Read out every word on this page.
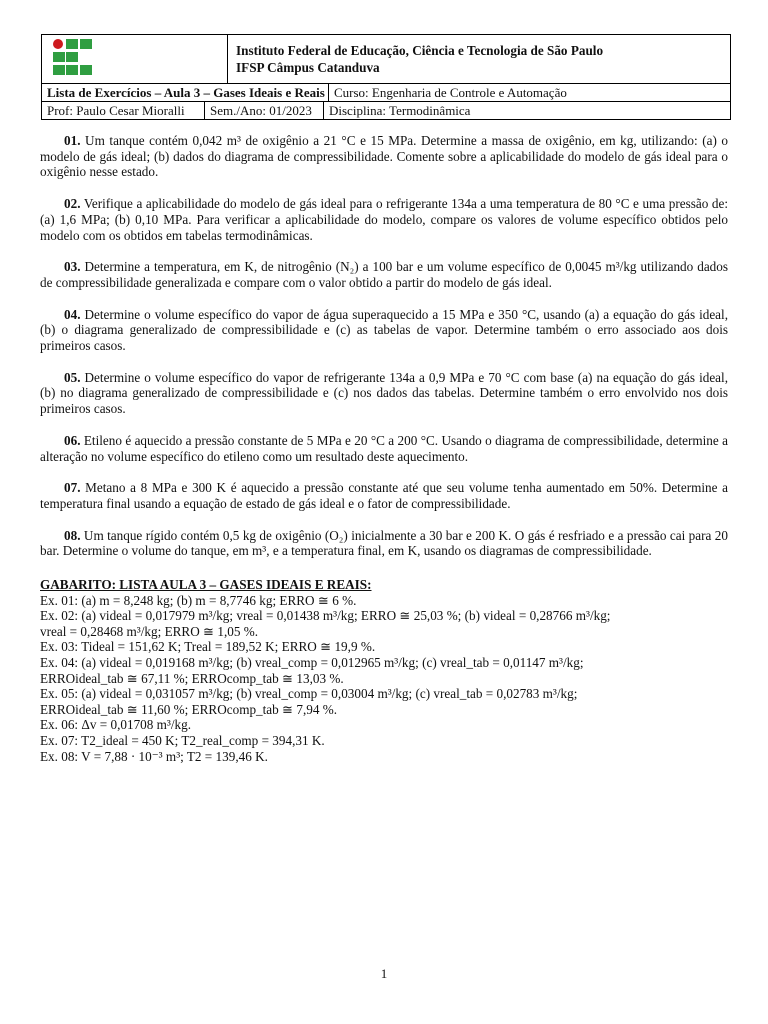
Instituto Federal de Educação, Ciência e Tecnologia de São Paulo
IFSP Câmpus Catanduva
Lista de Exercícios – Aula 3 – Gases Ideais e Reais Curso: Engenharia de Controle e Automação
Prof: Paulo Cesar Mioralli	Sem./Ano: 01/2023	Disciplina: Termodinâmica

01. Um tanque contém 0,042 m³ de oxigênio a 21 °C e 15 MPa. Determine a massa de oxigênio, em kg, utilizando: (a) o modelo de gás ideal; (b) dados do diagrama de compressibilidade. Comente sobre a aplicabilidade do modelo de gás ideal para o oxigênio nesse estado.

02. Verifique a aplicabilidade do modelo de gás ideal para o refrigerante 134a a uma temperatura de 80 °C e uma pressão de: (a) 1,6 MPa; (b) 0,10 MPa. Para verificar a aplicabilidade do modelo, compare os valores de volume específico obtidos pelo modelo com os obtidos em tabelas termodinâmicas.

03. Determine a temperatura, em K, de nitrogênio (N₂) a 100 bar e um volume específico de 0,0045 m³/kg utilizando dados de compressibilidade generalizada e compare com o valor obtido a partir do modelo de gás ideal.

04. Determine o volume específico do vapor de água superaquecido a 15 MPa e 350 °C, usando (a) a equação do gás ideal, (b) o diagrama generalizado de compressibilidade e (c) as tabelas de vapor. Determine também o erro associado aos dois primeiros casos.

05. Determine o volume específico do vapor de refrigerante 134a a 0,9 MPa e 70 °C com base (a) na equação do gás ideal, (b) no diagrama generalizado de compressibilidade e (c) nos dados das tabelas. Determine também o erro envolvido nos dois primeiros casos.

06. Etileno é aquecido a pressão constante de 5 MPa e 20 °C a 200 °C. Usando o diagrama de compressibilidade, determine a alteração no volume específico do etileno como um resultado deste aquecimento.

07. Metano a 8 MPa e 300 K é aquecido a pressão constante até que seu volume tenha aumentado em 50%. Determine a temperatura final usando a equação de estado de gás ideal e o fator de compressibilidade.

08. Um tanque rígido contém 0,5 kg de oxigênio (O₂) inicialmente a 30 bar e 200 K. O gás é resfriado e a pressão cai para 20 bar. Determine o volume do tanque, em m³, e a temperatura final, em K, usando os diagramas de compressibilidade.

GABARITO: LISTA AULA 3 – GASES IDEAIS E REAIS:
Ex. 01: (a) m = 8,248 kg; (b) m = 8,7746 kg; ERRO ≅ 6 %.
Ex. 02: (a) videal = 0,017979 m³/kg; vreal = 0,01438 m³/kg; ERRO ≅ 25,03 %; (b) videal = 0,28766 m³/kg;
vreal = 0,28468 m³/kg; ERRO ≅ 1,05 %.
Ex. 03: Tideal = 151,62 K; Treal = 189,52 K; ERRO ≅ 19,9 %.
Ex. 04: (a) videal = 0,019168 m³/kg; (b) vreal_comp = 0,012965 m³/kg; (c) vreal_tab = 0,01147 m³/kg;
ERROideal_tab ≅ 67,11 %; ERROcomp_tab ≅ 13,03 %.
Ex. 05: (a) videal = 0,031057 m³/kg; (b) vreal_comp = 0,03004 m³/kg; (c) vreal_tab = 0,02783 m³/kg;
ERROideal_tab ≅ 11,60 %; ERROcomp_tab ≅ 7,94 %.
Ex. 06: Δv = 0,01708 m³/kg.
Ex. 07: T2_ideal = 450 K; T2_real_comp = 394,31 K.
Ex. 08: V = 7,88 · 10⁻³ m³; T2 = 139,46 K.
1
